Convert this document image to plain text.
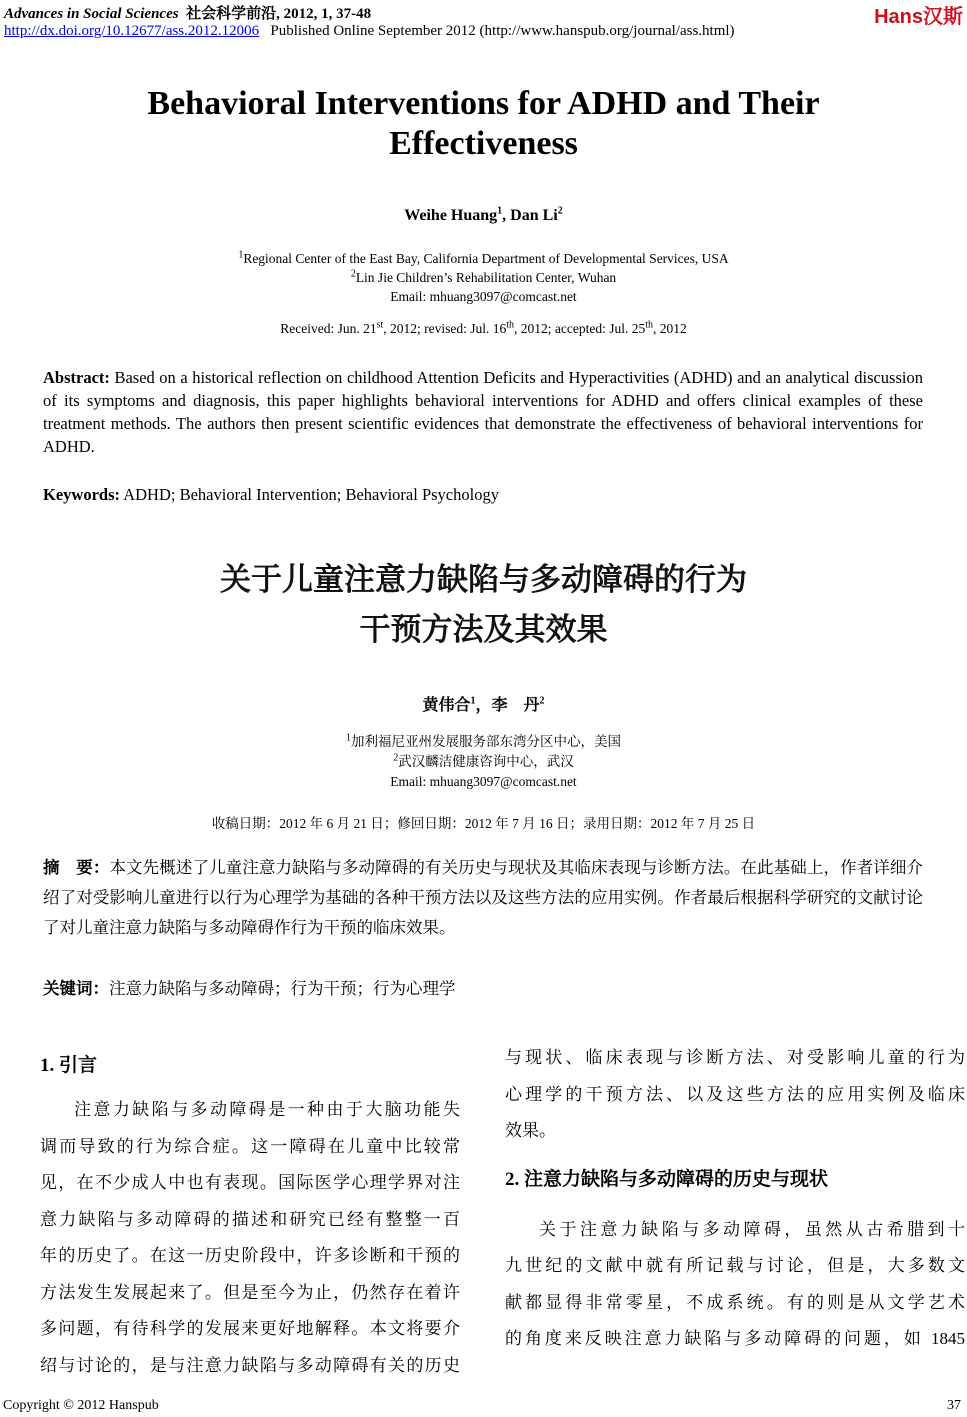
Advances in Social Sciences 社会科学前沿, 2012, 1, 37-48
http://dx.doi.org/10.12677/ass.2012.12006 Published Online September 2012 (http://www.hanspub.org/journal/ass.html)
Hans汉斯
Behavioral Interventions for ADHD and Their
Effectiveness
Weihe Huang$^1$, Dan Li$^2$
$^1$Regional Center of the East Bay, California Department of Developmental Services, USA
$^2$Lin Jie Children’s Rehabilitation Center, Wuhan
Email: mhuang3097@comcast.net
Received: Jun. 21st, 2012; revised: Jul. 16th, 2012; accepted: Jul. 25th, 2012
Abstract: Based on a historical reflection on childhood Attention Deficits and Hyperactivities (ADHD) and an analytical discussion of its symptoms and diagnosis, this paper highlights behavioral interventions for ADHD and offers clinical examples of these treatment methods. The authors then present scientific evidences that demonstrate the effectiveness of behavioral interventions for ADHD.
Keywords: ADHD; Behavioral Intervention; Behavioral Psychology
关于儿童注意力缺陷与多动障碍的行为
干预方法及其效果
黄伟合$^1$，李　丹$^2$
$^1$加利福尼亚州发展服务部东湾分区中心，美国
$^2$武汉麟洁健康咨询中心，武汉
Email: mhuang3097@comcast.net
收稿日期：2012 年 6 月 21 日；修回日期：2012 年 7 月 16 日；录用日期：2012 年 7 月 25 日
摘　要：本文先概述了儿童注意力缺陷与多动障碍的有关历史与现状及其临床表现与诊断方法。在此基础上，作者详细介绍了对受影响儿童进行以行为心理学为基础的各种干预方法以及这些方法的应用实例。作者最后根据科学研究的文献讨论了对儿童注意力缺陷与多动障碍作行为干预的临床效果。
关键词：注意力缺陷与多动障碍；行为干预；行为心理学
1. 引言
注意力缺陷与多动障碍是一种由于大脑功能失
调而导致的行为综合症。这一障碍在儿童中比较常
见，在不少成人中也有表现。国际医学心理学界对注
意力缺陷与多动障碍的描述和研究已经有整整一百
年的历史了。在这一历史阶段中，许多诊断和干预的
方法发生发展起来了。但是至今为止，仍然存在着许
多问题，有待科学的发展来更好地解释。本文将要介
绍与讨论的，是与注意力缺陷与多动障碍有关的历史
与现状、临床表现与诊断方法、对受影响儿童的行为
心理学的干预方法、以及这些方法的应用实例及临床
效果。
2. 注意力缺陷与多动障碍的历史与现状
关于注意力缺陷与多动障碍，虽然从古希腊到十
九世纪的文献中就有所记载与讨论，但是，大多数文
献都显得非常零星，不成系统。有的则是从文学艺术
的角度来反映注意力缺陷与多动障碍的问题，如 1845
Copyright © 2012 Hanspub	37
